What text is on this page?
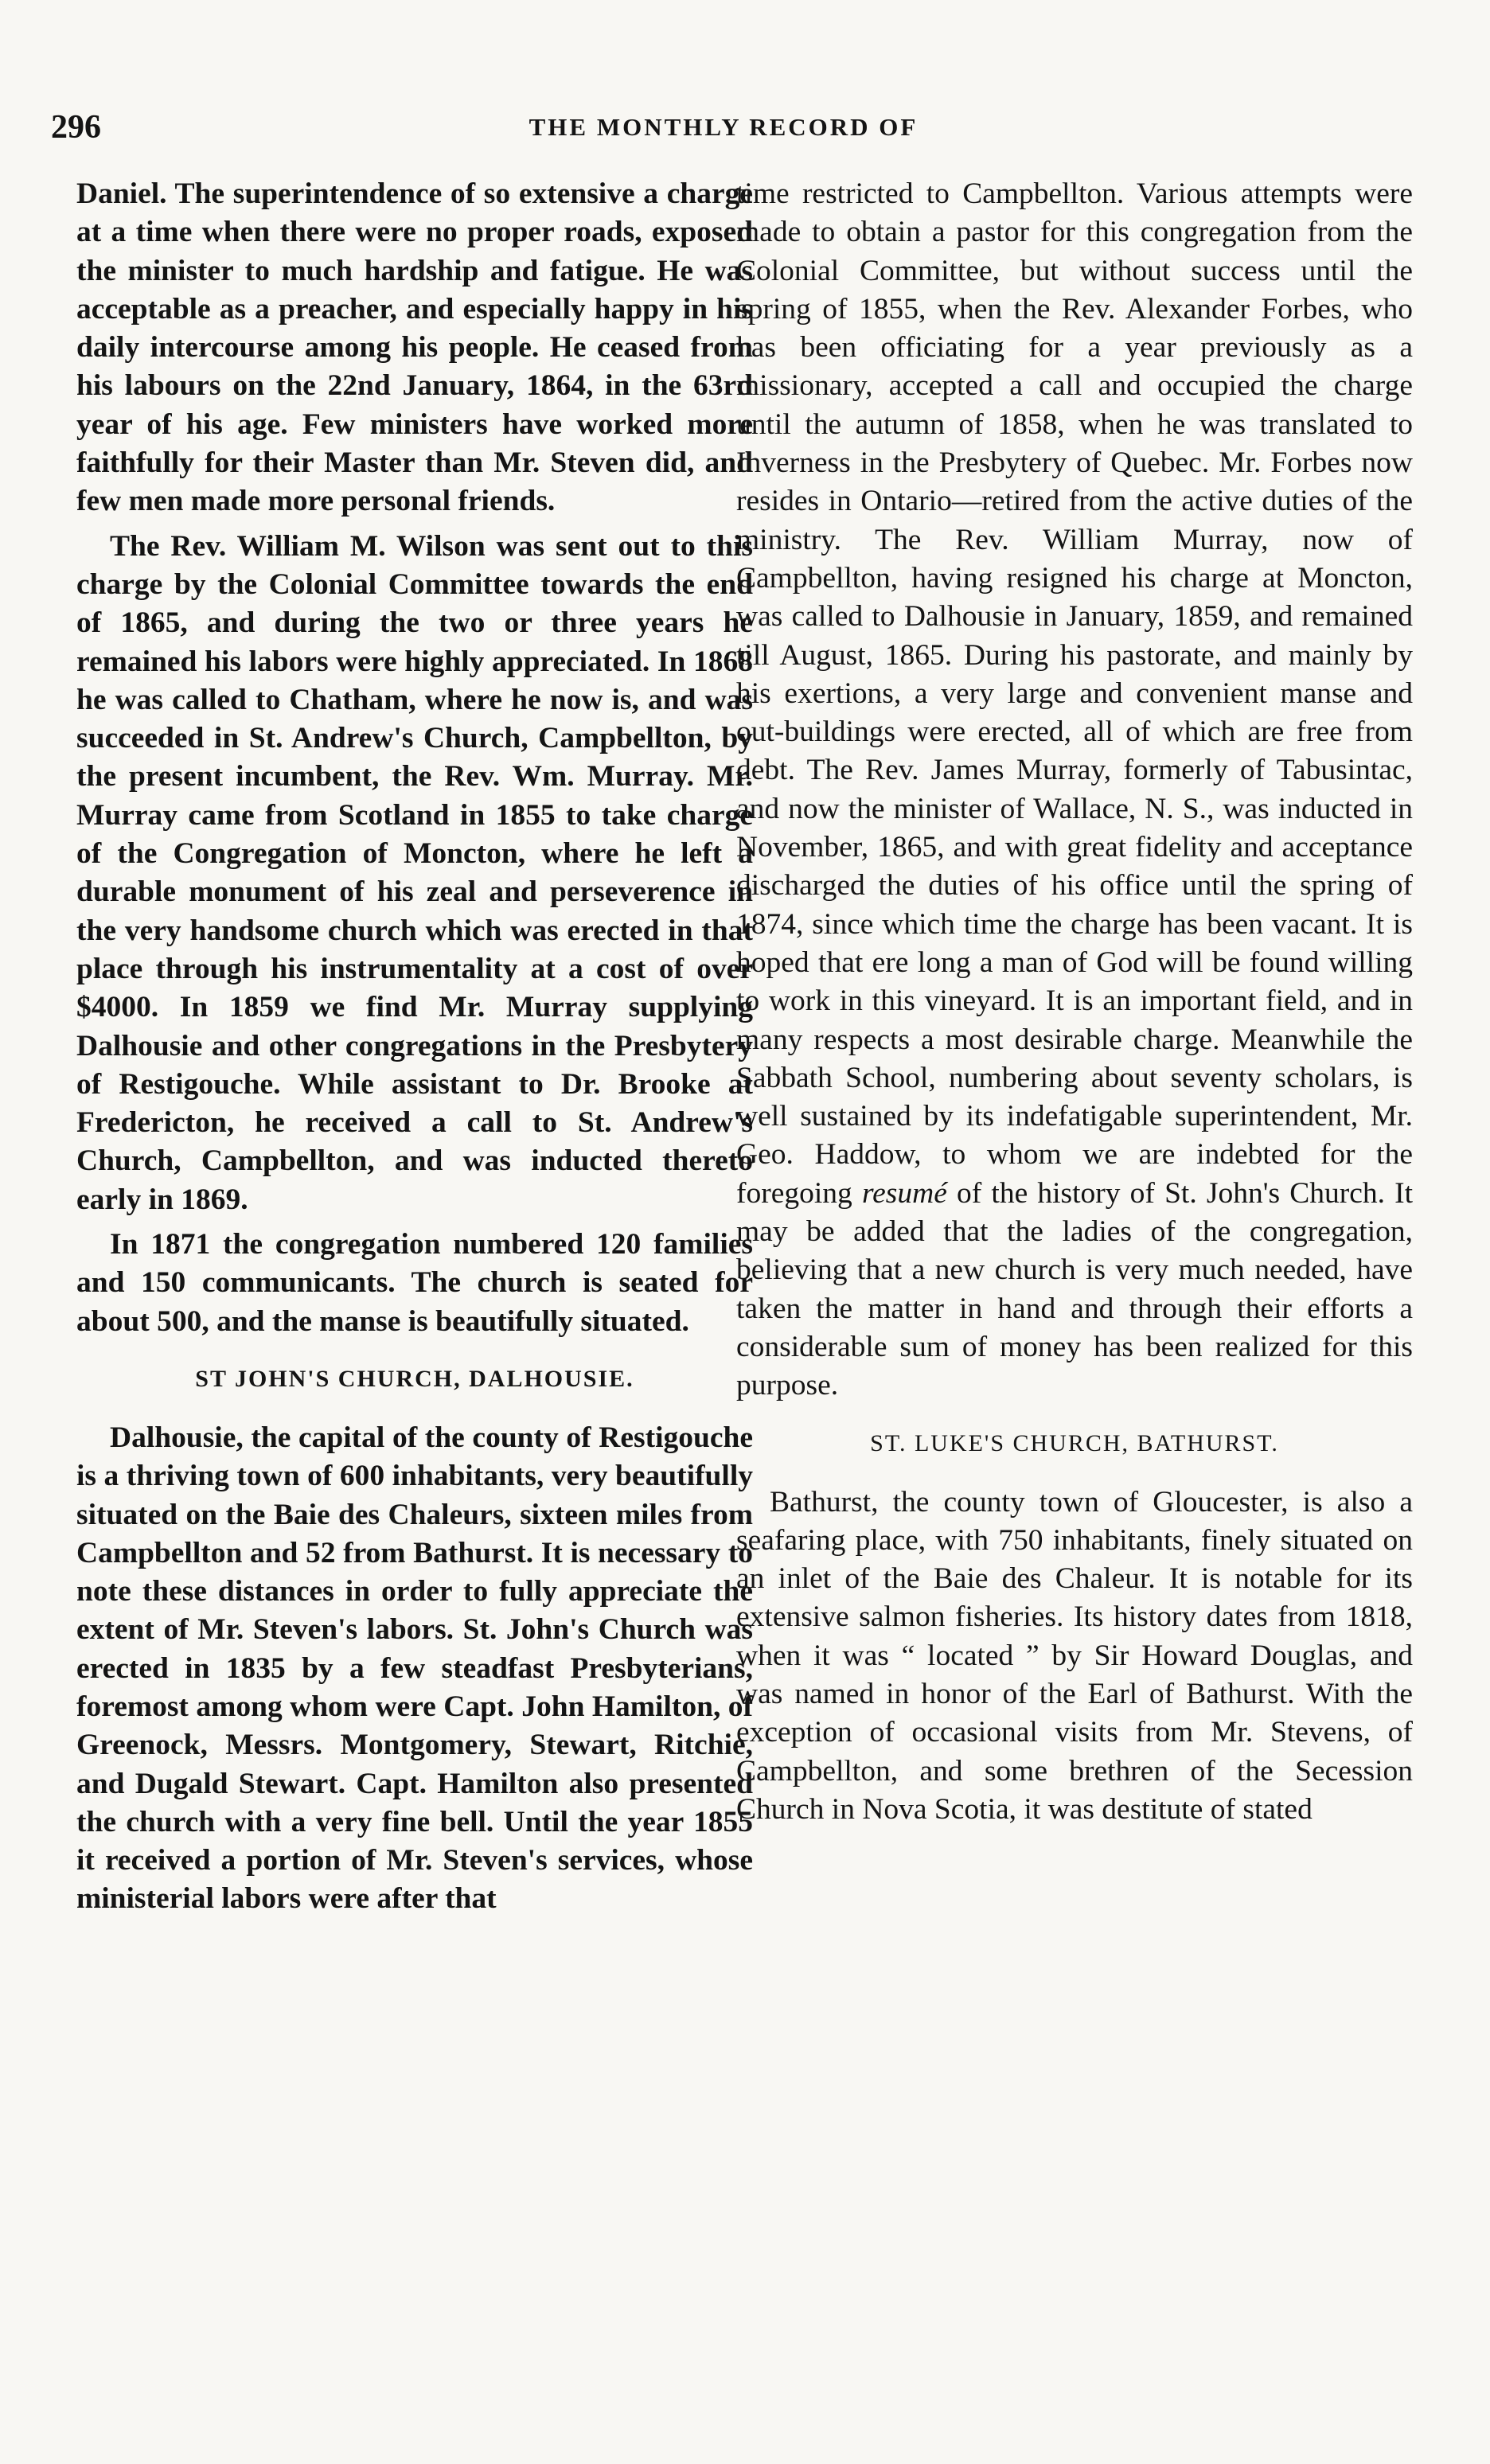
296	THE MONTHLY RECORD OF

Daniel. The superintendence of so extensive a charge at a time when there were no proper roads, exposed the minister to much hardship and fatigue. He was acceptable as a preacher, and especially happy in his daily intercourse among his people. He ceased from his labours on the 22nd January, 1864, in the 63rd year of his age. Few ministers have worked more faithfully for their Master than Mr. Steven did, and few men made more personal friends.

The Rev. William M. Wilson was sent out to this charge by the Colonial Committee towards the end of 1865, and during the two or three years he remained his labors were highly appreciated. In 1868 he was called to Chatham, where he now is, and was succeeded in St. Andrew's Church, Campbellton, by the present incumbent, the Rev. Wm. Murray. Mr. Murray came from Scotland in 1855 to take charge of the Congregation of Moncton, where he left a durable monument of his zeal and perseverence in the very handsome church which was erected in that place through his instrumentality at a cost of over $4000. In 1859 we find Mr. Murray supplying Dalhousie and other congregations in the Presbytery of Restigouche. While assistant to Dr. Brooke at Fredericton, he received a call to St. Andrew's Church, Campbellton, and was inducted thereto early in 1869.

In 1871 the congregation numbered 120 families and 150 communicants. The church is seated for about 500, and the manse is beautifully situated.

ST JOHN'S CHURCH, DALHOUSIE.

Dalhousie, the capital of the county of Restigouche is a thriving town of 600 inhabitants, very beautifully situated on the Baie des Chaleurs, sixteen miles from Campbellton and 52 from Bathurst. It is necessary to note these distances in order to fully appreciate the extent of Mr. Steven's labors. St. John's Church was erected in 1835 by a few steadfast Presbyterians, foremost among whom were Capt. John Hamilton, of Greenock, Messrs. Montgomery, Stewart, Ritchie, and Dugald Stewart. Capt. Hamilton also presented the church with a very fine bell. Until the year 1855 it received a portion of Mr. Steven's services, whose ministerial labors were after that

time restricted to Campbellton. Various attempts were made to obtain a pastor for this congregation from the Colonial Committee, but without success until the spring of 1855, when the Rev. Alexander Forbes, who has been officiating for a year previously as a missionary, accepted a call and occupied the charge until the autumn of 1858, when he was translated to Inverness in the Presbytery of Quebec. Mr. Forbes now resides in Ontario—retired from the active duties of the ministry. The Rev. William Murray, now of Campbellton, having resigned his charge at Moncton, was called to Dalhousie in January, 1859, and remained till August, 1865. During his pastorate, and mainly by his exertions, a very large and convenient manse and out-buildings were erected, all of which are free from debt. The Rev. James Murray, formerly of Tabusintac, and now the minister of Wallace, N. S., was inducted in November, 1865, and with great fidelity and acceptance discharged the duties of his office until the spring of 1874, since which time the charge has been vacant. It is hoped that ere long a man of God will be found willing to work in this vineyard. It is an important field, and in many respects a most desirable charge. Meanwhile the Sabbath School, numbering about seventy scholars, is well sustained by its indefatigable superintendent, Mr. Geo. Haddow, to whom we are indebted for the foregoing resumé of the history of St. John's Church. It may be added that the ladies of the congregation, believing that a new church is very much needed, have taken the matter in hand and through their efforts a considerable sum of money has been realized for this purpose.

ST. LUKE'S CHURCH, BATHURST.

Bathurst, the county town of Gloucester, is also a seafaring place, with 750 inhabitants, finely situated on an inlet of the Baie des Chaleur. It is notable for its extensive salmon fisheries. Its history dates from 1818, when it was “ located ” by Sir Howard Douglas, and was named in honor of the Earl of Bathurst. With the exception of occasional visits from Mr. Stevens, of Campbellton, and some brethren of the Secession Church in Nova Scotia, it was destitute of stated
